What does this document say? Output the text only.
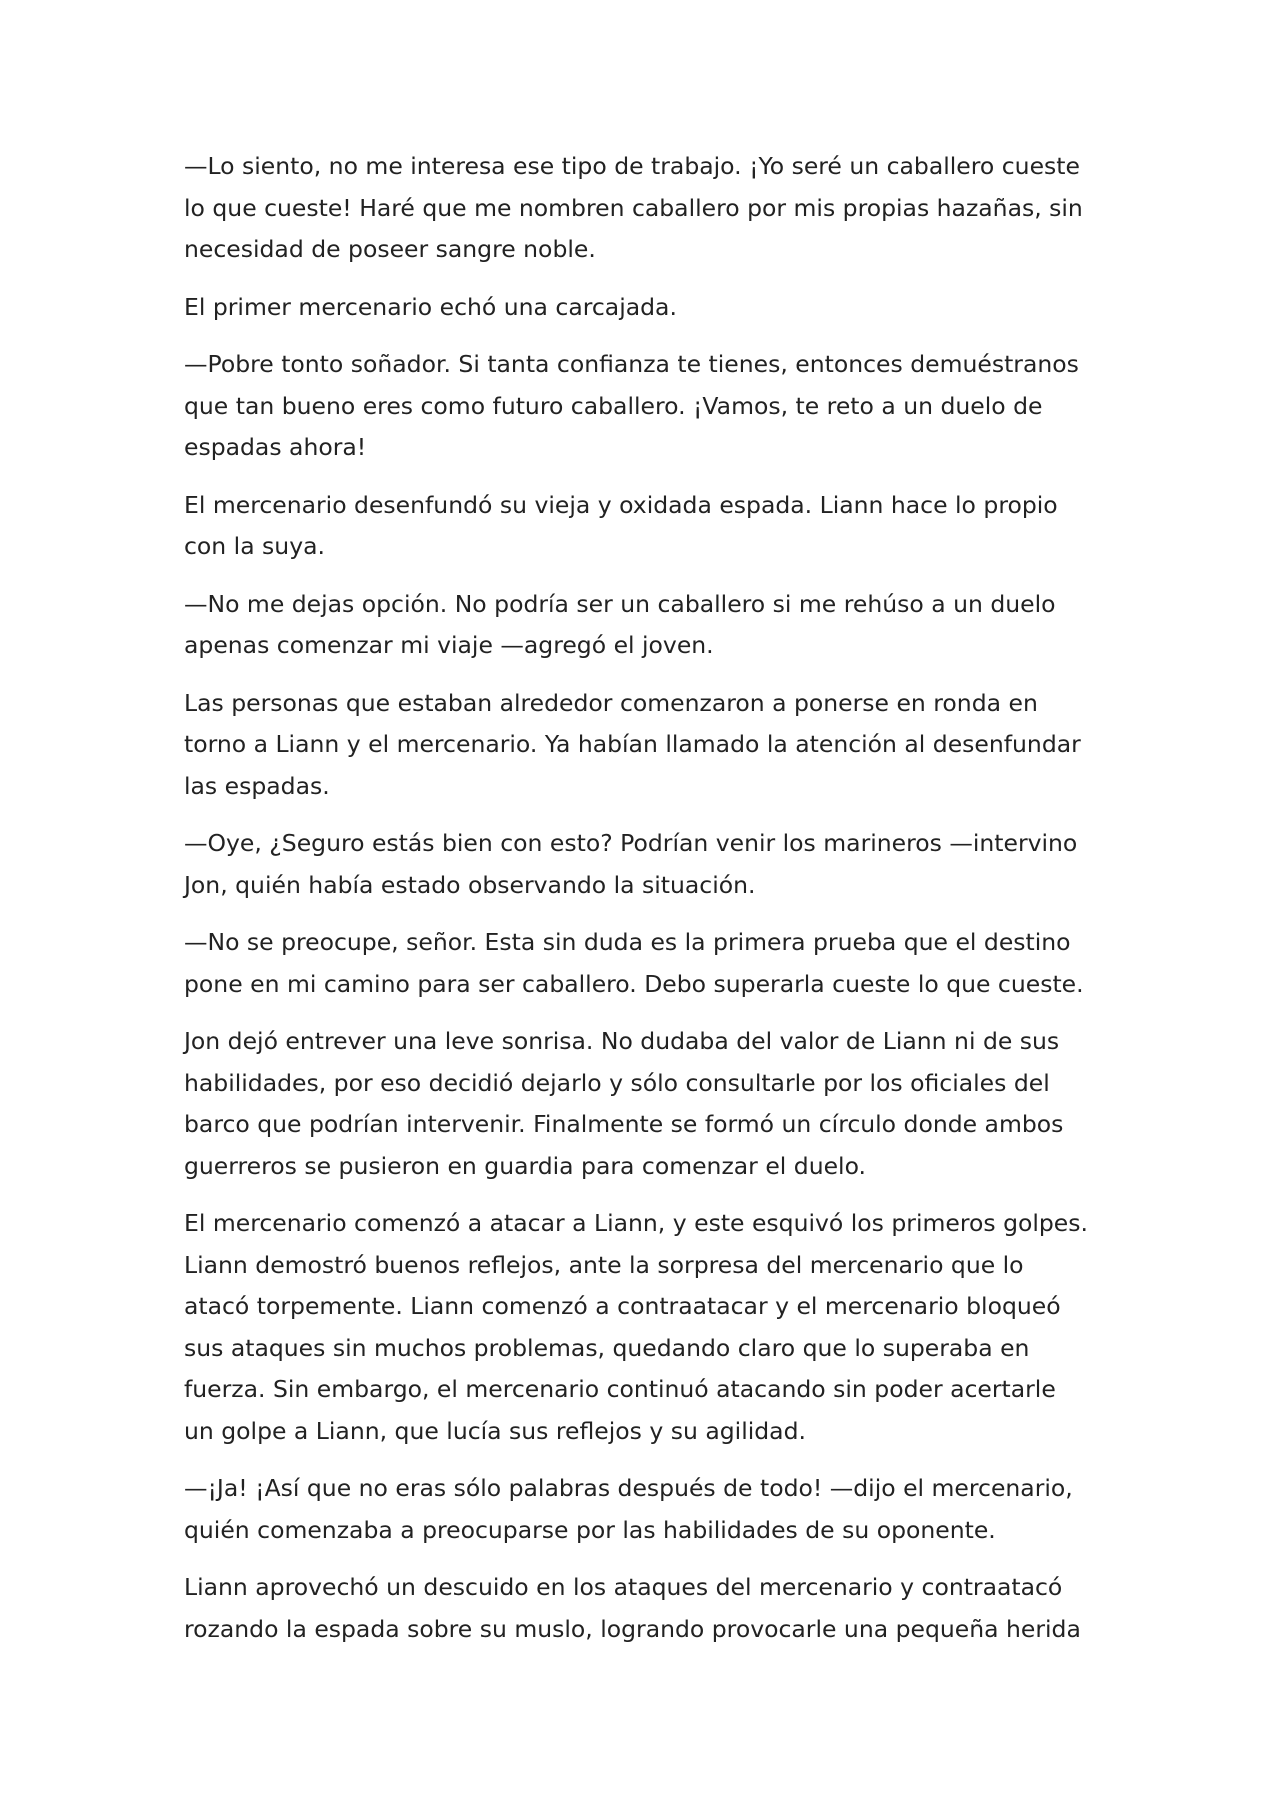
—Lo siento, no me interesa ese tipo de trabajo. ¡Yo seré un caballero cueste
lo que cueste! Haré que me nombren caballero por mis propias hazañas, sin
necesidad de poseer sangre noble.

El primer mercenario echó una carcajada.

—Pobre tonto soñador. Si tanta confianza te tienes, entonces demuéstranos
que tan bueno eres como futuro caballero. ¡Vamos, te reto a un duelo de
espadas ahora!

El mercenario desenfundó su vieja y oxidada espada. Liann hace lo propio
con la suya.

—No me dejas opción. No podría ser un caballero si me rehúso a un duelo
apenas comenzar mi viaje —agregó el joven.

Las personas que estaban alrededor comenzaron a ponerse en ronda en
torno a Liann y el mercenario. Ya habían llamado la atención al desenfundar
las espadas.

—Oye, ¿Seguro estás bien con esto? Podrían venir los marineros —intervino
Jon, quién había estado observando la situación.

—No se preocupe, señor. Esta sin duda es la primera prueba que el destino
pone en mi camino para ser caballero. Debo superarla cueste lo que cueste.

Jon dejó entrever una leve sonrisa. No dudaba del valor de Liann ni de sus
habilidades, por eso decidió dejarlo y sólo consultarle por los oficiales del
barco que podrían intervenir. Finalmente se formó un círculo donde ambos
guerreros se pusieron en guardia para comenzar el duelo.

El mercenario comenzó a atacar a Liann, y este esquivó los primeros golpes.
Liann demostró buenos reflejos, ante la sorpresa del mercenario que lo
atacó torpemente. Liann comenzó a contraatacar y el mercenario bloqueó
sus ataques sin muchos problemas, quedando claro que lo superaba en
fuerza. Sin embargo, el mercenario continuó atacando sin poder acertarle
un golpe a Liann, que lucía sus reflejos y su agilidad.

—¡Ja! ¡Así que no eras sólo palabras después de todo! —dijo el mercenario,
quién comenzaba a preocuparse por las habilidades de su oponente.

Liann aprovechó un descuido en los ataques del mercenario y contraatacó
rozando la espada sobre su muslo, logrando provocarle una pequeña herida
